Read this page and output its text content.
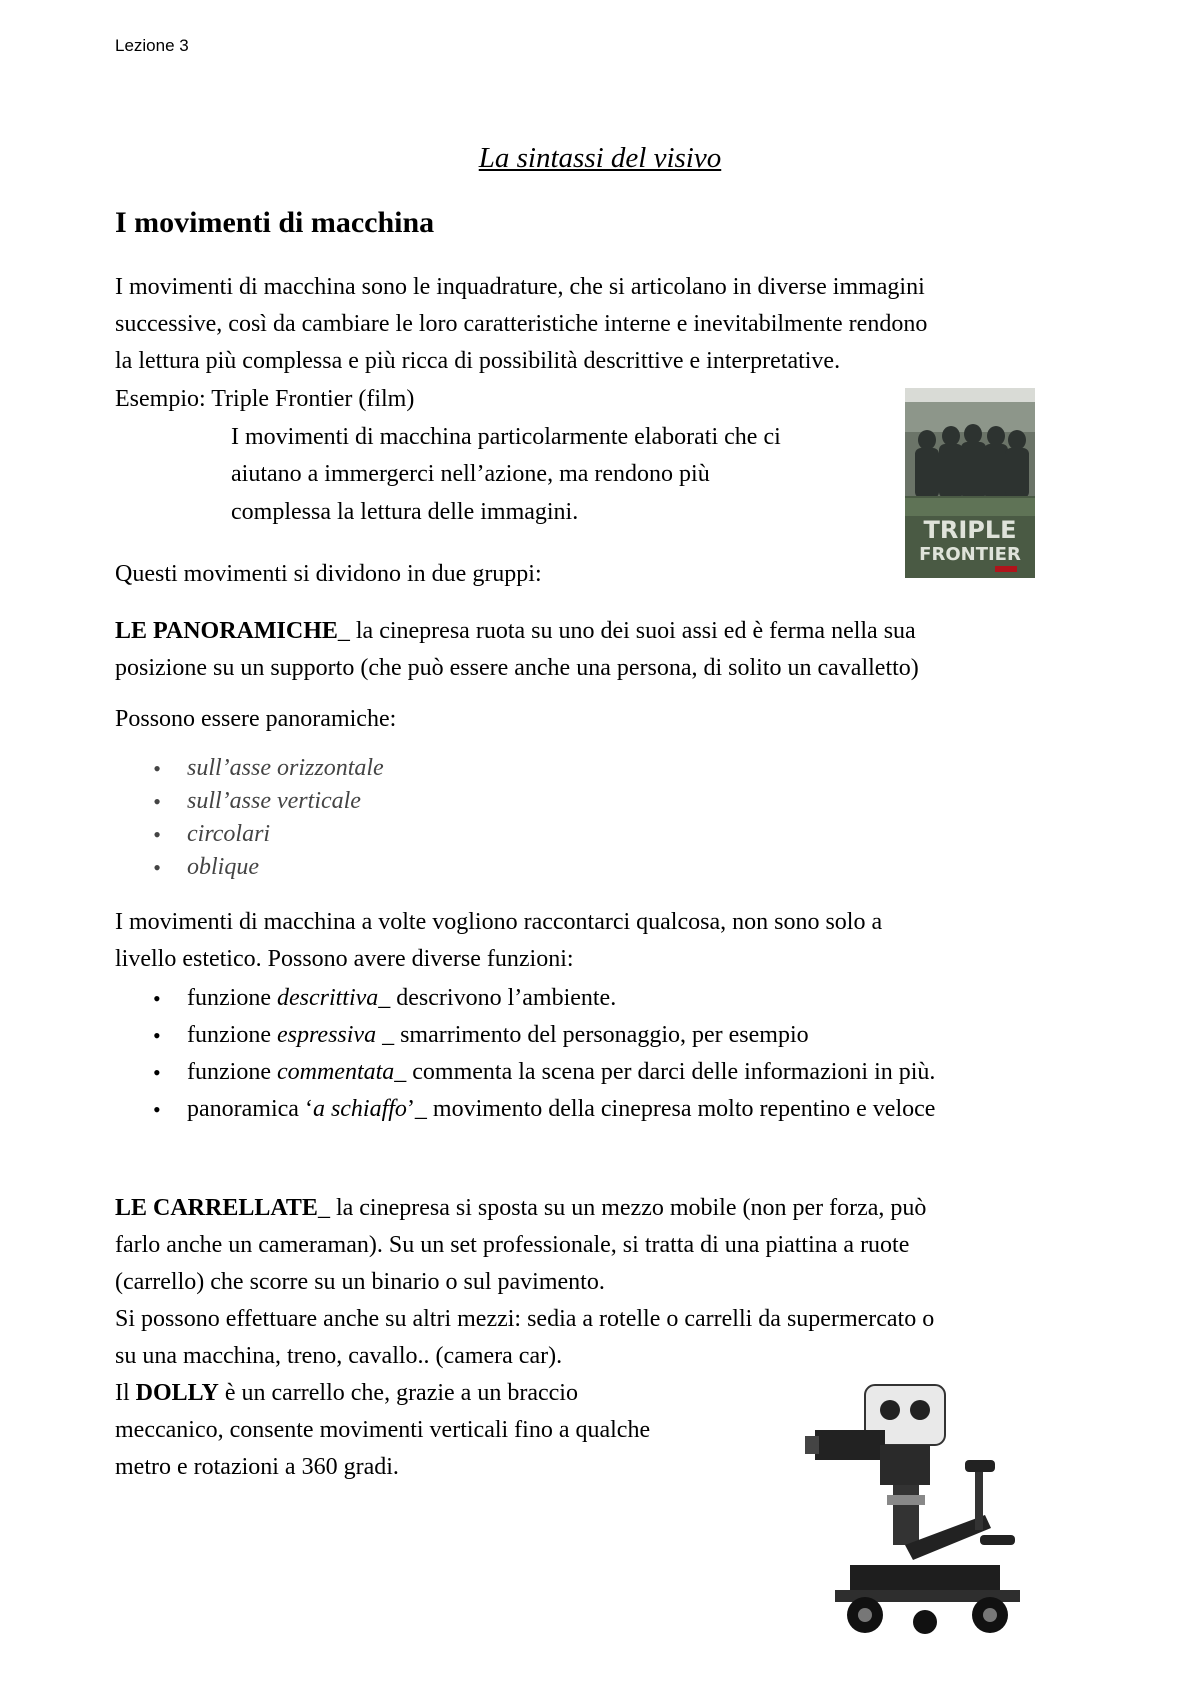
Lezione 3
La sintassi del visivo
I movimenti di macchina
I movimenti di macchina sono le inquadrature, che si articolano in diverse immagini
successive, così da cambiare le loro caratteristiche interne e inevitabilmente rendono
la lettura più complessa e più ricca di possibilità descrittive e interpretative.
Esempio: Triple Frontier (film)
I movimenti di macchina particolarmente elaborati che ci
aiutano a immergerci nell’azione, ma rendono più
complessa la lettura delle immagini.
TRIPLE
FRONTIER
Questi movimenti si dividono in due gruppi:
LE PANORAMICHE_ la cinepresa ruota su uno dei suoi assi ed è ferma nella sua
posizione su un supporto (che può essere anche una persona, di solito un cavalletto)
Possono essere panoramiche:
• sull’asse orizzontale
• sull’asse verticale
• circolari
• oblique
I movimenti di macchina a volte vogliono raccontarci qualcosa, non sono solo a
livello estetico. Possono avere diverse funzioni:
• funzione descrittiva_ descrivono l’ambiente.
• funzione espressiva _ smarrimento del personaggio, per esempio
• funzione commentata_ commenta la scena per darci delle informazioni in più.
• panoramica ‘a schiaffo’_ movimento della cinepresa molto repentino e veloce
LE CARRELLATE_ la cinepresa si sposta su un mezzo mobile (non per forza, può
farlo anche un cameraman). Su un set professionale, si tratta di una piattina a ruote
(carrello) che scorre su un binario o sul pavimento.
Si possono effettuare anche su altri mezzi: sedia a rotelle o carrelli da supermercato o
su una macchina, treno, cavallo.. (camera car).
Il DOLLY è un carrello che, grazie a un braccio
meccanico, consente movimenti verticali fino a qualche
metro e rotazioni a 360 gradi.
